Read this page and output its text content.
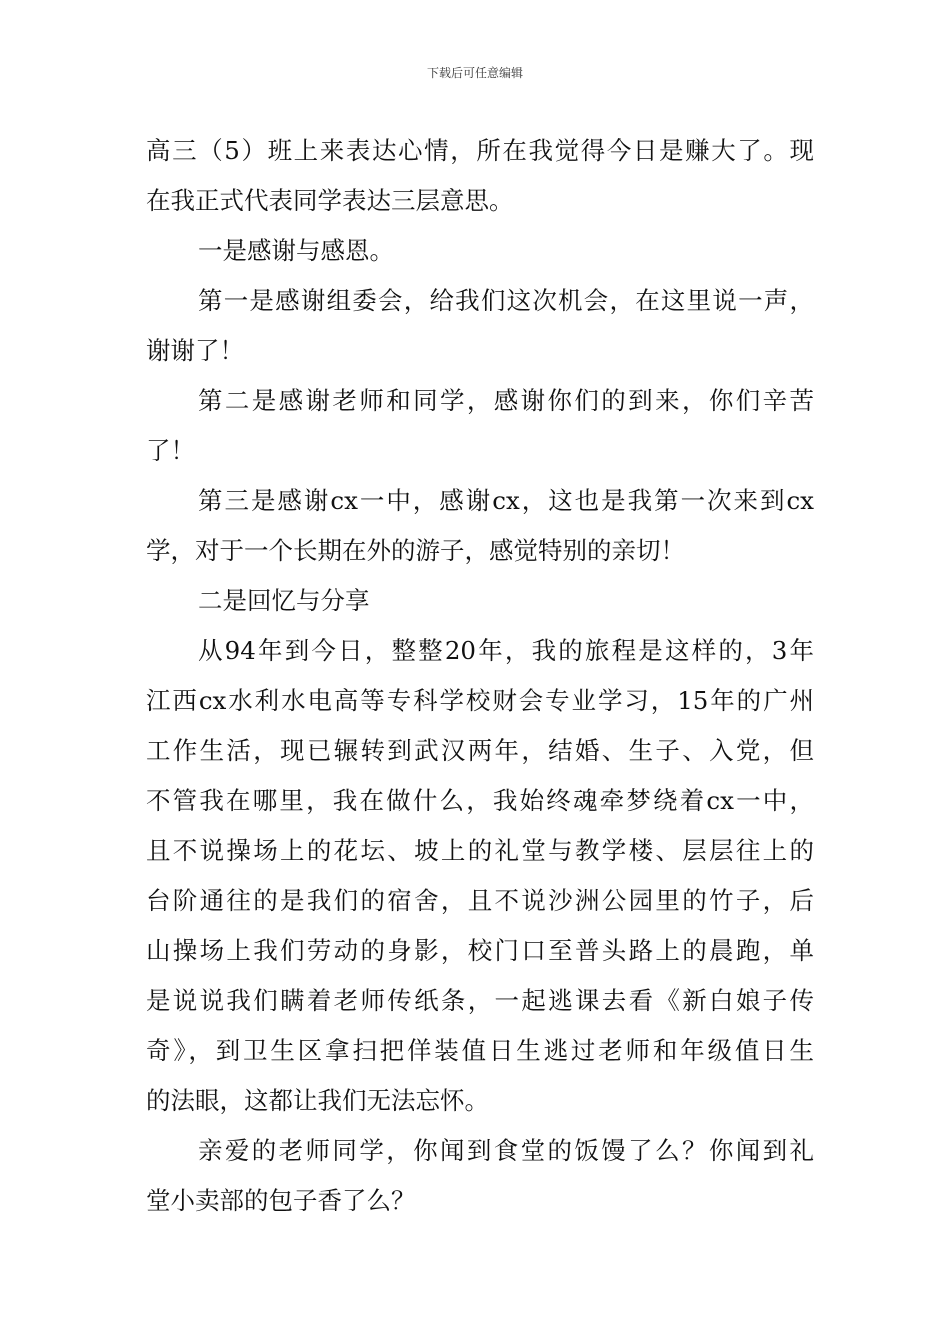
下载后可任意编辑
高三（5）班上来表达心情，所在我觉得今日是赚大了。现
在我正式代表同学表达三层意思。
一是感谢与感恩。
第一是感谢组委会，给我们这次机会，在这里说一声，
谢谢了！
第二是感谢老师和同学，感谢你们的到来，你们辛苦
了！
第三是感谢cx一中，感谢cx，这也是我第一次来到cx
学，对于一个长期在外的游子，感觉特别的亲切！
二是回忆与分享
从94年到今日，整整20年，我的旅程是这样的，3年
江西cx水利水电高等专科学校财会专业学习，15年的广州
工作生活，现已辗转到武汉两年，结婚、生子、入党，但
不管我在哪里，我在做什么，我始终魂牵梦绕着cx一中，
且不说操场上的花坛、坡上的礼堂与教学楼、层层往上的
台阶通往的是我们的宿舍，且不说沙洲公园里的竹子，后
山操场上我们劳动的身影，校门口至普头路上的晨跑，单
是说说我们瞒着老师传纸条，一起逃课去看《新白娘子传
奇》，到卫生区拿扫把佯装值日生逃过老师和年级值日生
的法眼，这都让我们无法忘怀。
亲爱的老师同学，你闻到食堂的饭馒了么？你闻到礼
堂小卖部的包子香了么？
